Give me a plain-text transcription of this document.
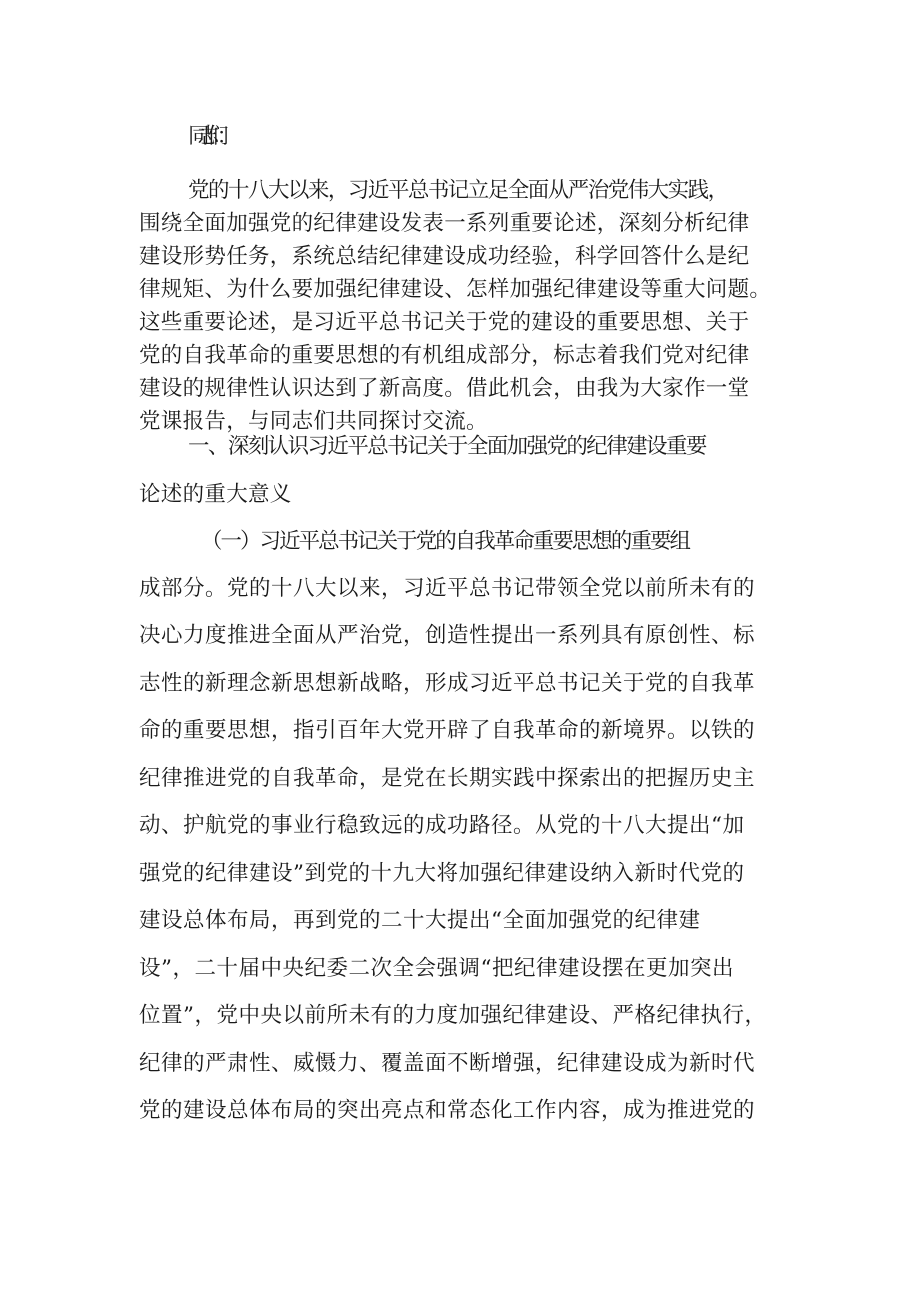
同志们：
党的十八大以来，习近平总书记立足全面从严治党伟大实践，
围绕全面加强党的纪律建设发表一系列重要论述，深刻分析纪律
建设形势任务，系统总结纪律建设成功经验，科学回答什么是纪
律规矩、为什么要加强纪律建设、怎样加强纪律建设等重大问题。
这些重要论述，是习近平总书记关于党的建设的重要思想、关于
党的自我革命的重要思想的有机组成部分，标志着我们党对纪律
建设的规律性认识达到了新高度。借此机会，由我为大家作一堂
党课报告，与同志们共同探讨交流。
一、深刻认识习近平总书记关于全面加强党的纪律建设重要
论述的重大意义
（一）习近平总书记关于党的自我革命重要思想的重要组
成部分。党的十八大以来，习近平总书记带领全党以前所未有的
决心力度推进全面从严治党，创造性提出一系列具有原创性、标
志性的新理念新思想新战略，形成习近平总书记关于党的自我革
命的重要思想，指引百年大党开辟了自我革命的新境界。以铁的
纪律推进党的自我革命，是党在长期实践中探索出的把握历史主
动、护航党的事业行稳致远的成功路径。从党的十八大提出“加
强党的纪律建设”到党的十九大将加强纪律建设纳入新时代党的
建设总体布局，再到党的二十大提出“全面加强党的纪律建
设”，二十届中央纪委二次全会强调“把纪律建设摆在更加突出
位置”，党中央以前所未有的力度加强纪律建设、严格纪律执行，
纪律的严肃性、威慑力、覆盖面不断增强，纪律建设成为新时代
党的建设总体布局的突出亮点和常态化工作内容，成为推进党的
